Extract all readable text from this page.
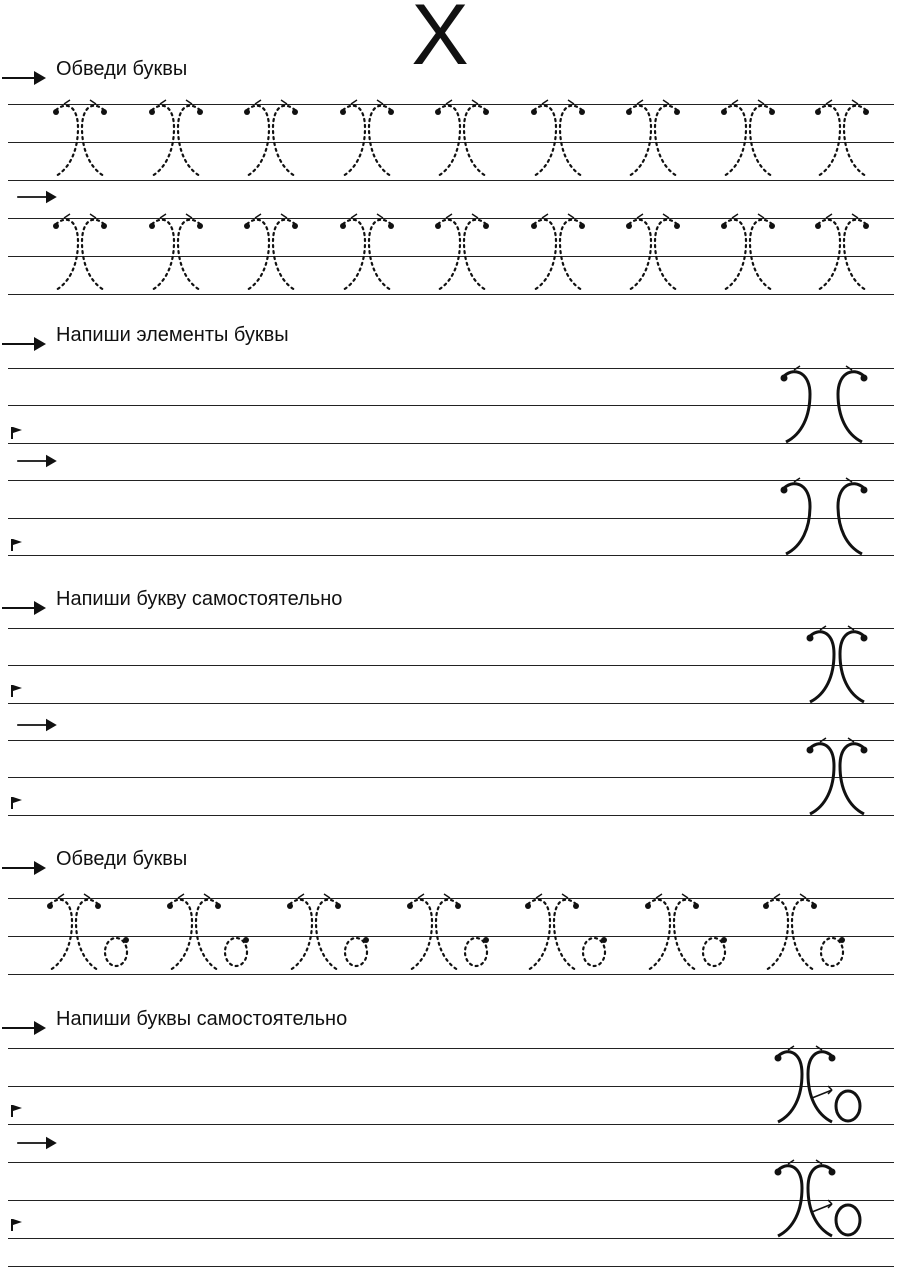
Х
Обведи буквы
Напиши элементы буквы
Напиши букву самостоятельно
Обведи буквы
Напиши буквы самостоятельно
